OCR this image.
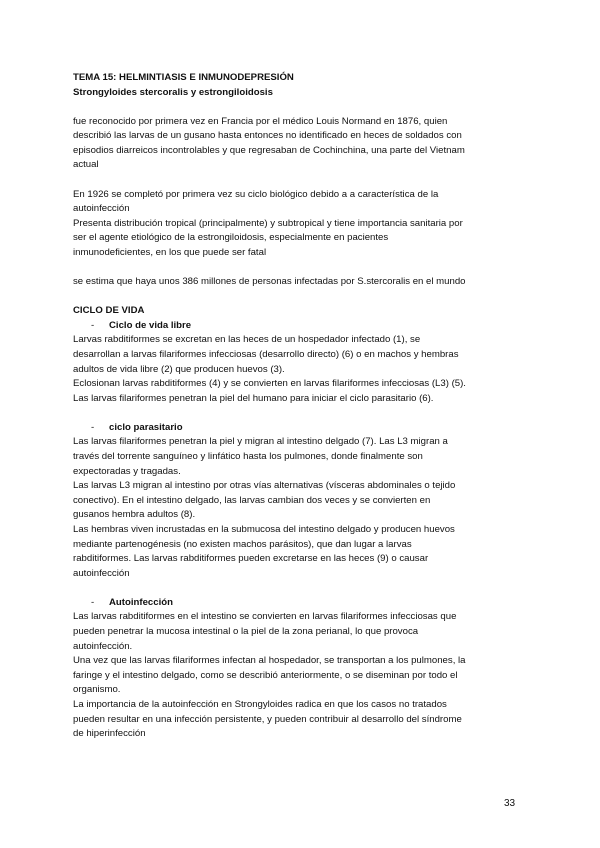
TEMA 15: HELMINTIASIS E INMUNODEPRESIÓN

Strongyloides stercoralis y estrongiloidosis

fue reconocido por primera vez en Francia por el médico Louis Normand en 1876, quien

describió las larvas de un gusano hasta entonces no identificado en heces de soldados con

episodios diarreicos incontrolables y que regresaban de Cochinchina, una parte del Vietnam

actual

En 1926 se completó por primera vez su ciclo biológico debido a a característica de la

autoinfección

Presenta distribución tropical (principalmente) y subtropical y tiene importancia sanitaria por

ser el agente etiológico de la estrongiloidosis, especialmente en pacientes

inmunodeficientes, en los que puede ser fatal

se estima que haya unos 386 millones de personas infectadas por S.stercoralis en el mundo

CICLO DE VIDA

- Ciclo de vida libre

Larvas rabditiformes se excretan en las heces de un hospedador infectado (1), se

desarrollan a larvas filariformes infecciosas (desarrollo directo) (6) o en machos y hembras

adultos de vida libre (2) que producen huevos (3).

Eclosionan larvas rabditiformes (4) y se convierten en larvas filariformes infecciosas (L3) (5).

Las larvas filariformes penetran la piel del humano para iniciar el ciclo parasitario (6).

- ciclo parasitario

Las larvas filariformes penetran la piel y migran al intestino delgado (7). Las L3 migran a

través del torrente sanguíneo y linfático hasta los pulmones, donde finalmente son

expectoradas y tragadas.

Las larvas L3 migran al intestino por otras vías alternativas (vísceras abdominales o tejido

conectivo). En el intestino delgado, las larvas cambian dos veces y se convierten en

gusanos hembra adultos (8).

Las hembras viven incrustadas en la submucosa del intestino delgado y producen huevos

mediante partenogénesis (no existen machos parásitos), que dan lugar a larvas

rabditiformes. Las larvas rabditiformes pueden excretarse en las heces (9) o causar

autoinfección

- Autoinfección

Las larvas rabditiformes en el intestino se convierten en larvas filariformes infecciosas que

pueden penetrar la mucosa intestinal o la piel de la zona perianal, lo que provoca

autoinfección.

Una vez que las larvas filariformes infectan al hospedador, se transportan a los pulmones, la

faringe y el intestino delgado, como se describió anteriormente, o se diseminan por todo el

organismo.

La importancia de la autoinfección en Strongyloides radica en que los casos no tratados

pueden resultar en una infección persistente, y pueden contribuir al desarrollo del síndrome

de hiperinfección

33
